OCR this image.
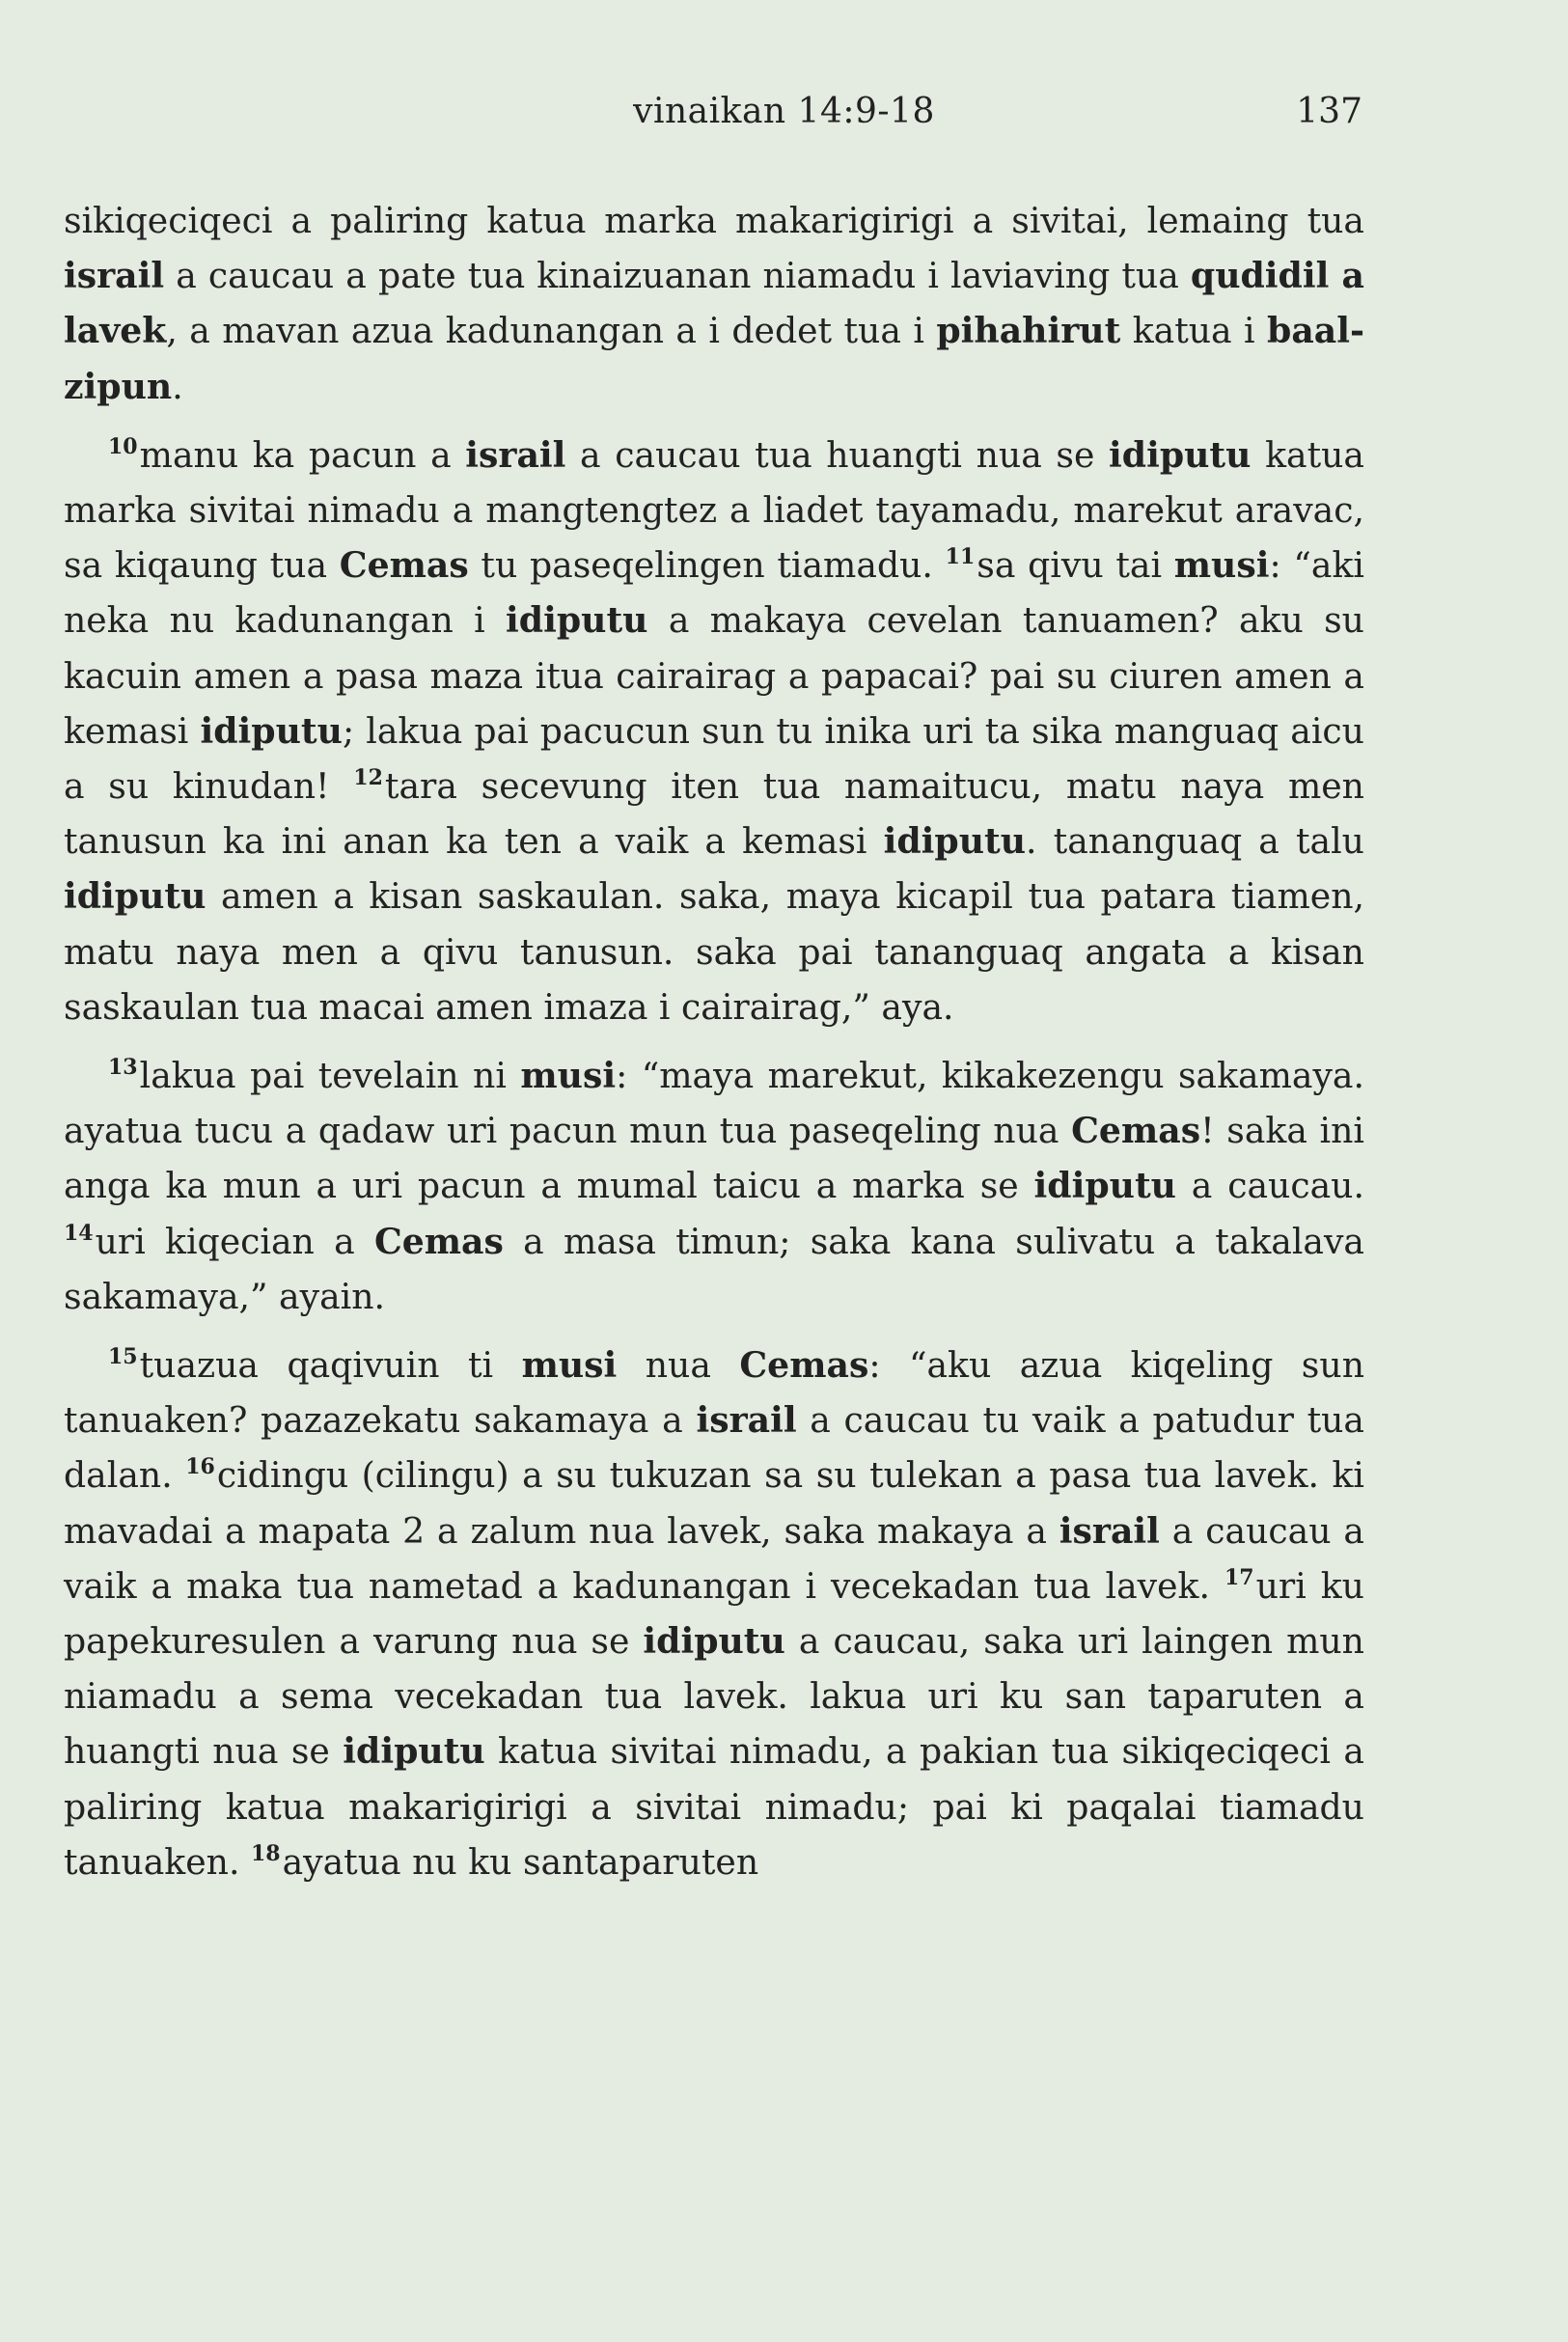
vinaikan 14:9-18	137

sikiqeciqeci a paliring katua marka makarigirigi a sivitai, lemaing tua israil a caucau a pate tua kinaizuanan niamadu i laviaving tua qudidil a lavek, a mavan azua kadunangan a i dedet tua i pihahirut katua i baal-zipun.

$^{10}$manu ka pacun a israil a caucau tua huangti nua se idiputu katua marka sivitai nimadu a mangtengtez a liadet tayamadu, marekut aravac, sa kiqaung tua Cemas tu paseqelingen tiamadu. $^{11}$sa qivu tai musi: “aki neka nu kadunangan i idiputu a makaya cevelan tanuamen? aku su kacuin amen a pasa maza itua cairairag a papacai? pai su ciuren amen a kemasi idiputu; lakua pai pacucun sun tu inika uri ta sika manguaq aicu a su kinudan! $^{12}$tara secevung iten tua namaitucu, matu naya men tanusun ka ini anan ka ten a vaik a kemasi idiputu. tananguaq a talu idiputu amen a kisan saskaulan. saka, maya kicapil tua patara tiamen, matu naya men a qivu tanusun. saka pai tananguaq angata a kisan saskaulan tua macai amen imaza i cairairag,” aya.

$^{13}$lakua pai tevelain ni musi: “maya marekut, kikakezengu sakamaya. ayatua tucu a qadaw uri pacun mun tua paseqeling nua Cemas! saka ini anga ka mun a uri pacun a mumal taicu a marka se idiputu a caucau. $^{14}$uri kiqecian a Cemas a masa timun; saka kana sulivatu a takalava sakamaya,” ayain.

$^{15}$tuazua qaqivuin ti musi nua Cemas: “aku azua kiqeling sun tanuaken? pazazekatu sakamaya a israil a caucau tu vaik a patudur tua dalan. $^{16}$cidingu (cilingu) a su tukuzan sa su tulekan a pasa tua lavek. ki mavadai a mapata 2 a zalum nua lavek, saka makaya a israil a caucau a vaik a maka tua nametad a kadunangan i vecekadan tua lavek. $^{17}$uri ku papekuresulen a varung nua se idiputu a caucau, saka uri laingen mun niamadu a sema vecekadan tua lavek. lakua uri ku san taparuten a huangti nua se idiputu katua sivitai nimadu, a pakian tua sikiqeciqeci a paliring katua makarigirigi a sivitai nimadu; pai ki paqalai tiamadu tanuaken. $^{18}$ayatua nu ku santaparuten
